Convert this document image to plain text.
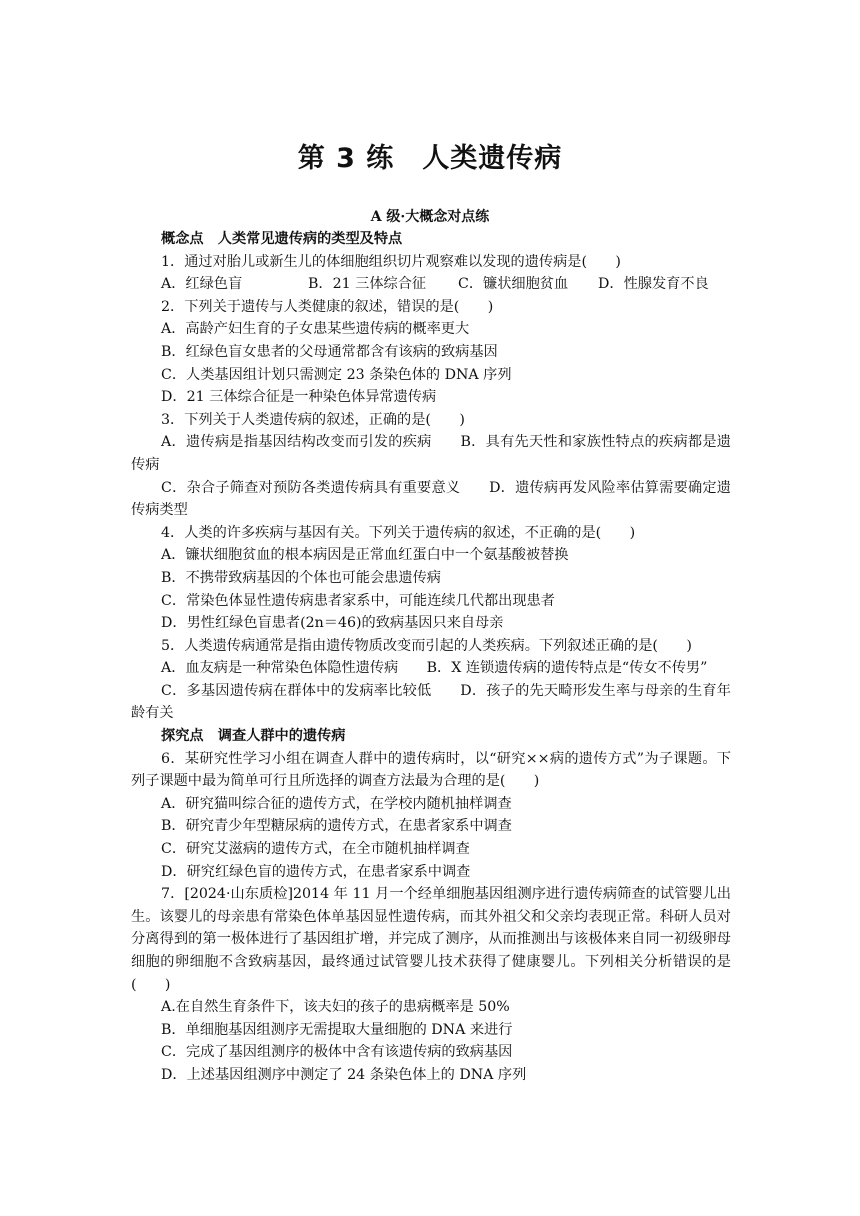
第 3 练　人类遗传病
A 级·大概念对点练
概念点　人类常见遗传病的类型及特点
1．通过对胎儿或新生儿的体细胞组织切片观察难以发现的遗传病是(　　)
A．红绿色盲	B．21 三体综合征	C．镰状细胞贫血	D．性腺发育不良
2．下列关于遗传与人类健康的叙述，错误的是(　　)
A．高龄产妇生育的子女患某些遗传病的概率更大
B．红绿色盲女患者的父母通常都含有该病的致病基因
C．人类基因组计划只需测定 23 条染色体的 DNA 序列
D．21 三体综合征是一种染色体异常遗传病
3．下列关于人类遗传病的叙述，正确的是(　　)
A．遗传病是指基因结构改变而引发的疾病　　B．具有先天性和家族性特点的疾病都是遗传病
C．杂合子筛查对预防各类遗传病具有重要意义　　D．遗传病再发风险率估算需要确定遗传病类型
4．人类的许多疾病与基因有关。下列关于遗传病的叙述，不正确的是(　　)
A．镰状细胞贫血的根本病因是正常血红蛋白中一个氨基酸被替换
B．不携带致病基因的个体也可能会患遗传病
C．常染色体显性遗传病患者家系中，可能连续几代都出现患者
D．男性红绿色盲患者(2n＝46)的致病基因只来自母亲
5．人类遗传病通常是指由遗传物质改变而引起的人类疾病。下列叙述正确的是(　　)
A．血友病是一种常染色体隐性遗传病　　B．X 连锁遗传病的遗传特点是“传女不传男”
C．多基因遗传病在群体中的发病率比较低　　D．孩子的先天畸形发生率与母亲的生育年龄有关
探究点　调查人群中的遗传病
6．某研究性学习小组在调查人群中的遗传病时，以“研究××病的遗传方式”为子课题。下列子课题中最为简单可行且所选择的调查方法最为合理的是(　　)
A．研究猫叫综合征的遗传方式，在学校内随机抽样调查
B．研究青少年型糖尿病的遗传方式，在患者家系中调查
C．研究艾滋病的遗传方式，在全市随机抽样调查
D．研究红绿色盲的遗传方式，在患者家系中调查
7．[2024·山东质检]2014 年 11 月一个经单细胞基因组测序进行遗传病筛查的试管婴儿出生。该婴儿的母亲患有常染色体单基因显性遗传病，而其外祖父和父亲均表现正常。科研人员对分离得到的第一极体进行了基因组扩增，并完成了测序，从而推测出与该极体来自同一初级卵母细胞的卵细胞不含致病基因，最终通过试管婴儿技术获得了健康婴儿。下列相关分析错误的是(　　)
A.在自然生育条件下，该夫妇的孩子的患病概率是 50%
B．单细胞基因组测序无需提取大量细胞的 DNA 来进行
C．完成了基因组测序的极体中含有该遗传病的致病基因
D．上述基因组测序中测定了 24 条染色体上的 DNA 序列
